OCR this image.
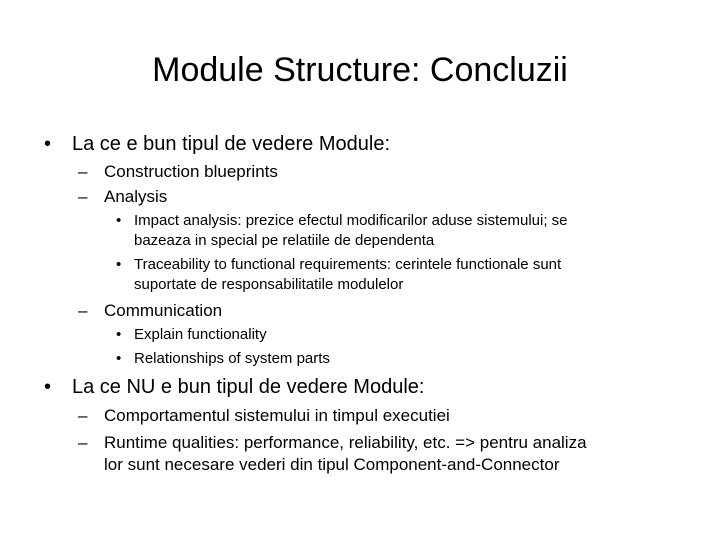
Module Structure: Concluzii
• La ce e bun tipul de vedere Module:
– Construction blueprints
– Analysis
• Impact analysis: prezice efectul modificarilor aduse sistemului; se
bazeaza in special pe relatiile de dependenta
• Traceability to functional requirements: cerintele functionale sunt
suportate de responsabilitatile modulelor
– Communication
• Explain functionality
• Relationships of system parts
• La ce NU e bun tipul de vedere Module:
– Comportamentul sistemului in timpul executiei
– Runtime qualities: performance, reliability, etc. => pentru analiza
lor sunt necesare vederi din tipul Component-and-Connector
